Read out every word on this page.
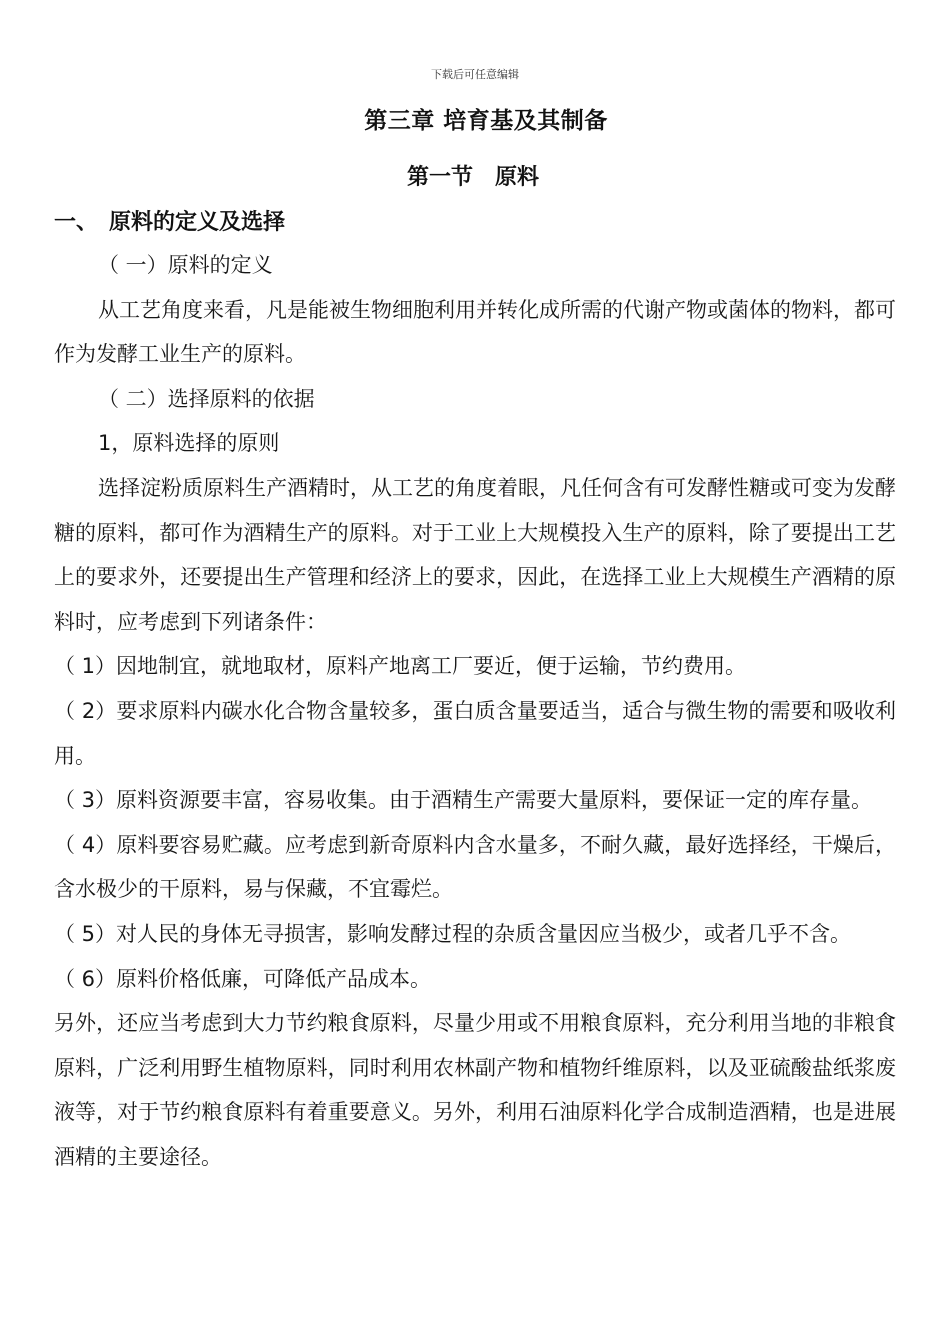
下载后可任意编辑
第三章 培育基及其制备
第一节　原料
一、　原料的定义及选择

（ 一）原料的定义

从工艺角度来看，凡是能被生物细胞利用并转化成所需的代谢产物或菌体的物料，都可作为发酵工业生产的原料。

（ 二）选择原料的依据

1，原料选择的原则

选择淀粉质原料生产酒精时，从工艺的角度着眼，凡任何含有可发酵性糖或可变为发酵糖的原料，都可作为酒精生产的原料。对于工业上大规模投入生产的原料，除了要提出工艺上的要求外，还要提出生产管理和经济上的要求，因此，在选择工业上大规模生产酒精的原料时，应考虑到下列诸条件：

（ 1）因地制宜，就地取材，原料产地离工厂要近，便于运输，节约费用。

（ 2）要求原料内碳水化合物含量较多，蛋白质含量要适当，适合与微生物的需要和吸收利用。

（ 3）原料资源要丰富，容易收集。由于酒精生产需要大量原料，要保证一定的库存量。

（ 4）原料要容易贮藏。应考虑到新奇原料内含水量多，不耐久藏，最好选择经，干燥后，含水极少的干原料，易与保藏，不宜霉烂。

（ 5）对人民的身体无寻损害，影响发酵过程的杂质含量因应当极少，或者几乎不含。

（ 6）原料价格低廉，可降低产品成本。

另外，还应当考虑到大力节约粮食原料，尽量少用或不用粮食原料，充分利用当地的非粮食原料，广泛利用野生植物原料，同时利用农林副产物和植物纤维原料，以及亚硫酸盐纸浆废液等，对于节约粮食原料有着重要意义。另外，利用石油原料化学合成制造酒精，也是进展酒精的主要途径。
